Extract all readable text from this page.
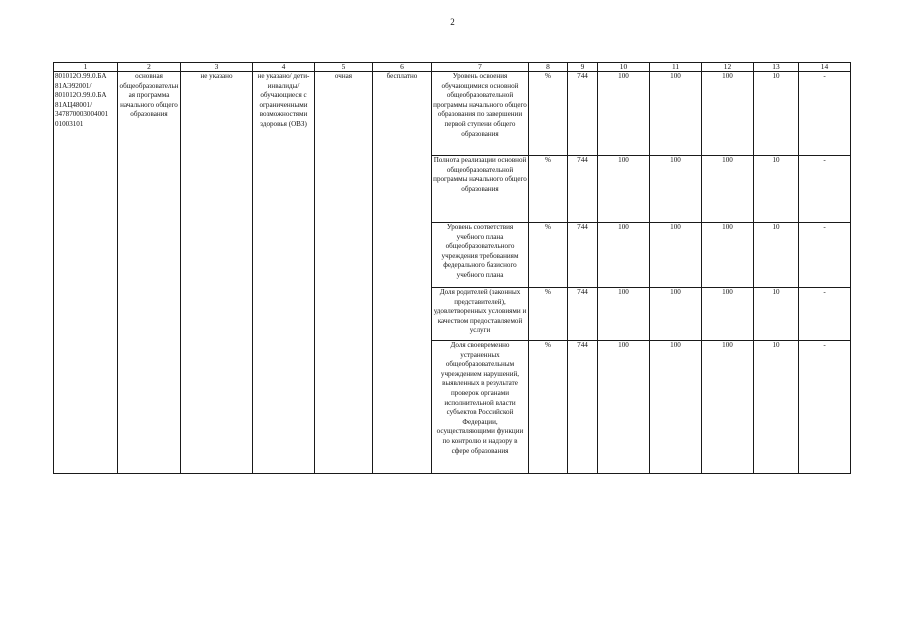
2
1	2	3	4	5	6	7	8	9	10	11	12	13	14
801012О.99.0.БА 81АЭ92001/ 801012О.99.0.БА 81АЦ48001/ 347870003004001 01003101	основная общеобразовательная программа начального общего образования	не указано	не указано/ дети-инвалиды/ обучающиеся с ограниченными возможностями здоровья (ОВЗ)	очная	бесплатно	Уровень освоения обучающимися основной общеобразовательной программы начального общего образования по завершении первой ступени общего образования	%	744	100	100	100	10	-
						Полнота реализации основной общеобразовательной программы начального общего образования	%	744	100	100	100	10	-
						Уровень соответствия учебного плана общеобразовательного учреждения требованиям федерального базисного учебного плана	%	744	100	100	100	10	-
						Доля родителей (законных представителей), удовлетворенных условиями и качеством предоставляемой услуги	%	744	100	100	100	10	-
						Доля своевременно устраненных общеобразовательным учреждением нарушений, выявленных в результате проверок органами исполнительной власти субъектов Российской Федерации, осуществляющими функции по контролю и надзору в сфере образования	%	744	100	100	100	10	-
